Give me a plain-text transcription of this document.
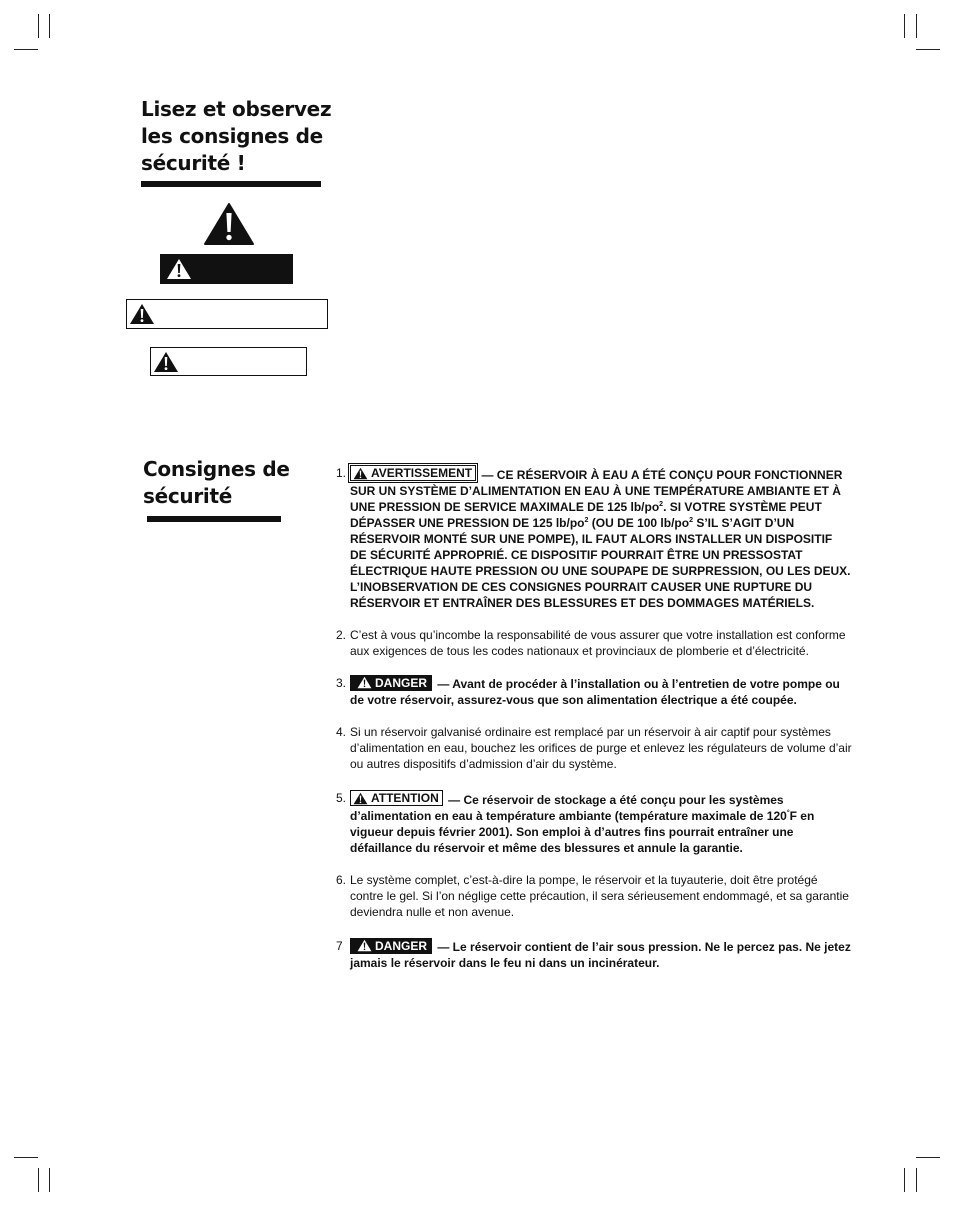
Lisez et observez
les consignes de
sécurité !
Consignes de
sécurité
1. AVERTISSEMENT — CE RÉSERVOIR À EAU A ÉTÉ CONÇU POUR FONCTIONNER SUR UN SYSTÈME D’ALIMENTATION EN EAU À UNE TEMPÉRATURE AMBIANTE ET À UNE PRESSION DE SERVICE MAXIMALE DE 125 $lb/po^2$. SI VOTRE SYSTÈME PEUT DÉPASSER UNE PRESSION DE 125 $lb/po^2$ (OU DE 100 $lb/po^2$ S’IL S’AGIT D’UN RÉSERVOIR MONTÉ SUR UNE POMPE), IL FAUT ALORS INSTALLER UN DISPOSITIF DE SÉCURITÉ APPROPRIÉ. CE DISPOSITIF POURRAIT ÊTRE UN PRESSOSTAT ÉLECTRIQUE HAUTE PRESSION OU UNE SOUPAPE DE SURPRESSION, OU LES DEUX. L’INOBSERVATION DE CES CONSIGNES POURRAIT CAUSER UNE RUPTURE DU RÉSERVOIR ET ENTRAÎNER DES BLESSURES ET DES DOMMAGES MATÉRIELS.
2. C’est à vous qu’incombe la responsabilité de vous assurer que votre installation est conforme aux exigences de tous les codes nationaux et provinciaux de plomberie et d’électricité.
3. DANGER — Avant de procéder à l’installation ou à l’entretien de votre pompe ou de votre réservoir, assurez-vous que son alimentation électrique a été coupée.
4. Si un réservoir galvanisé ordinaire est remplacé par un réservoir à air captif pour systèmes d’alimentation en eau, bouchez les orifices de purge et enlevez les régulateurs de volume d’air ou autres dispositifs d’admission d’air du système.
5. ATTENTION — Ce réservoir de stockage a été conçu pour les systèmes d’alimentation en eau à température ambiante (température maximale de 120°F en vigueur depuis février 2001). Son emploi à d’autres fins pourrait entraîner une défaillance du réservoir et même des blessures et annule la garantie.
6. Le système complet, c’est-à-dire la pompe, le réservoir et la tuyauterie, doit être protégé contre le gel. Si l’on néglige cette précaution, il sera sérieusement endommagé, et sa garantie deviendra nulle et non avenue.
7	DANGER — Le réservoir contient de l’air sous pression. Ne le percez pas. Ne jetez jamais le réservoir dans le feu ni dans un incinérateur.
